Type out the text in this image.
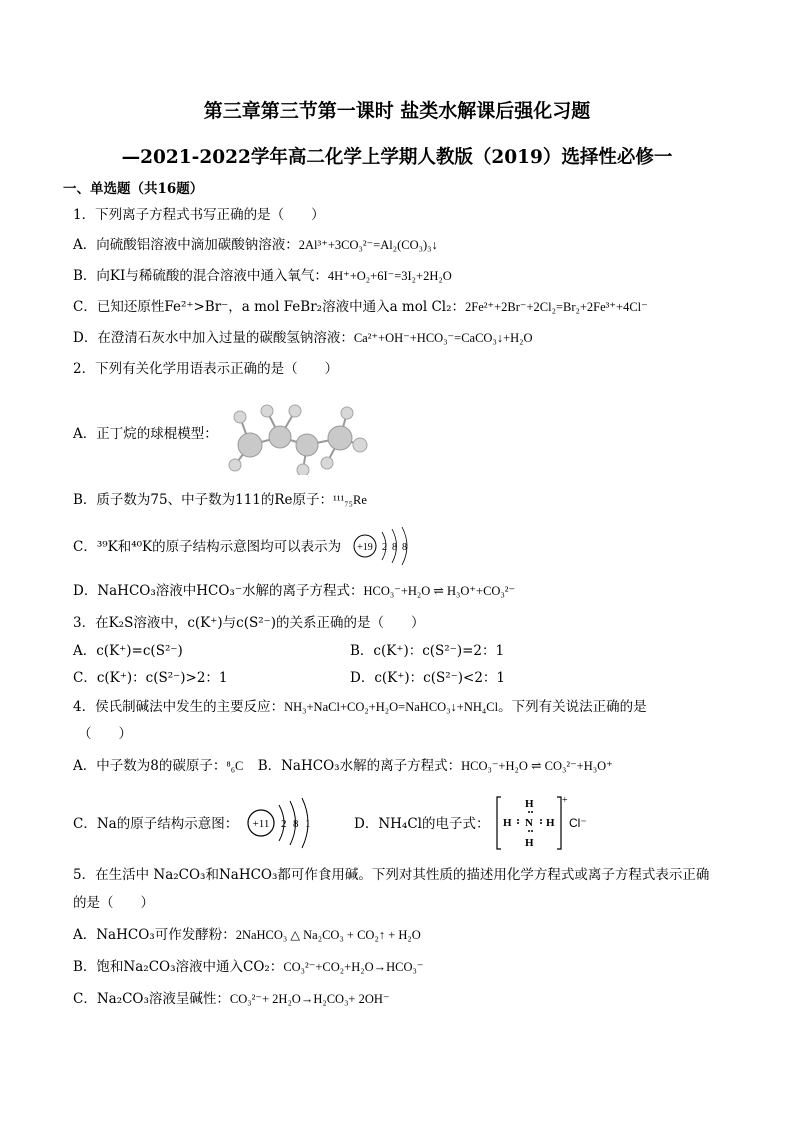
第三章第三节第一课时 盐类水解课后强化习题
—2021-2022学年高二化学上学期人教版（2019）选择性必修一
一、单选题（共16题）
1．下列离子方程式书写正确的是（　　）
A．向硫酸铝溶液中滴加碳酸钠溶液：2Al³⁺+3CO₃²⁻=Al₂(CO₃)₃↓
B．向KI与稀硫酸的混合溶液中通入氧气：4H⁺+O₂+6I⁻=3I₂+2H₂O
C．已知还原性Fe²⁺>Br⁻，a mol FeBr₂溶液中通入a mol Cl₂：2Fe²⁺+2Br⁻+2Cl₂=Br₂+2Fe³⁺+4Cl⁻
D．在澄清石灰水中加入过量的碳酸氢钠溶液：Ca²⁺+OH⁻+HCO₃⁻=CaCO₃↓+H₂O
2．下列有关化学用语表示正确的是（　　）
A．正丁烷的球棍模型：
B．质子数为75、中子数为111的Re原子：¹¹¹₇₅Re
C．³⁹K和⁴⁰K的原子结构示意图均可以表示为 +19 2 8 8
D．NaHCO₃溶液中HCO₃⁻水解的离子方程式：HCO₃⁻+H₂O ⇌ H₃O⁺+CO₃²⁻
3．在K₂S溶液中，c(K⁺)与c(S²⁻)的关系正确的是（　　）
A．c(K⁺)=c(S²⁻)	B．c(K⁺)：c(S²⁻)=2：1
C．c(K⁺)：c(S²⁻)>2：1	D．c(K⁺)：c(S²⁻)<2：1
4．侯氏制碱法中发生的主要反应：NH₃+NaCl+CO₂+H₂O=NaHCO₃↓+NH₄Cl。下列有关说法正确的是
（　　）
A．中子数为8的碳原子：⁸₆C B．NaHCO₃水解的离子方程式：HCO₃⁻+H₂O ⇌ CO₃²⁻+H₃O⁺
C．Na的原子结构示意图： +11 2 8 1	D．NH₄Cl的电子式：
H
H N H
H
+
Cl⁻
5．在生活中 Na₂CO₃和NaHCO₃都可作食用碱。下列对其性质的描述用化学方程式或离子方程式表示正确
的是（　　）
A．NaHCO₃可作发酵粉：2NaHCO₃ △ Na₂CO₃ + CO₂↑ + H₂O
B．饱和Na₂CO₃溶液中通入CO₂：CO₃²⁻+CO₂+H₂O→HCO₃⁻
C．Na₂CO₃溶液呈碱性：CO₃²⁻+ 2H₂O→H₂CO₃+ 2OH⁻
